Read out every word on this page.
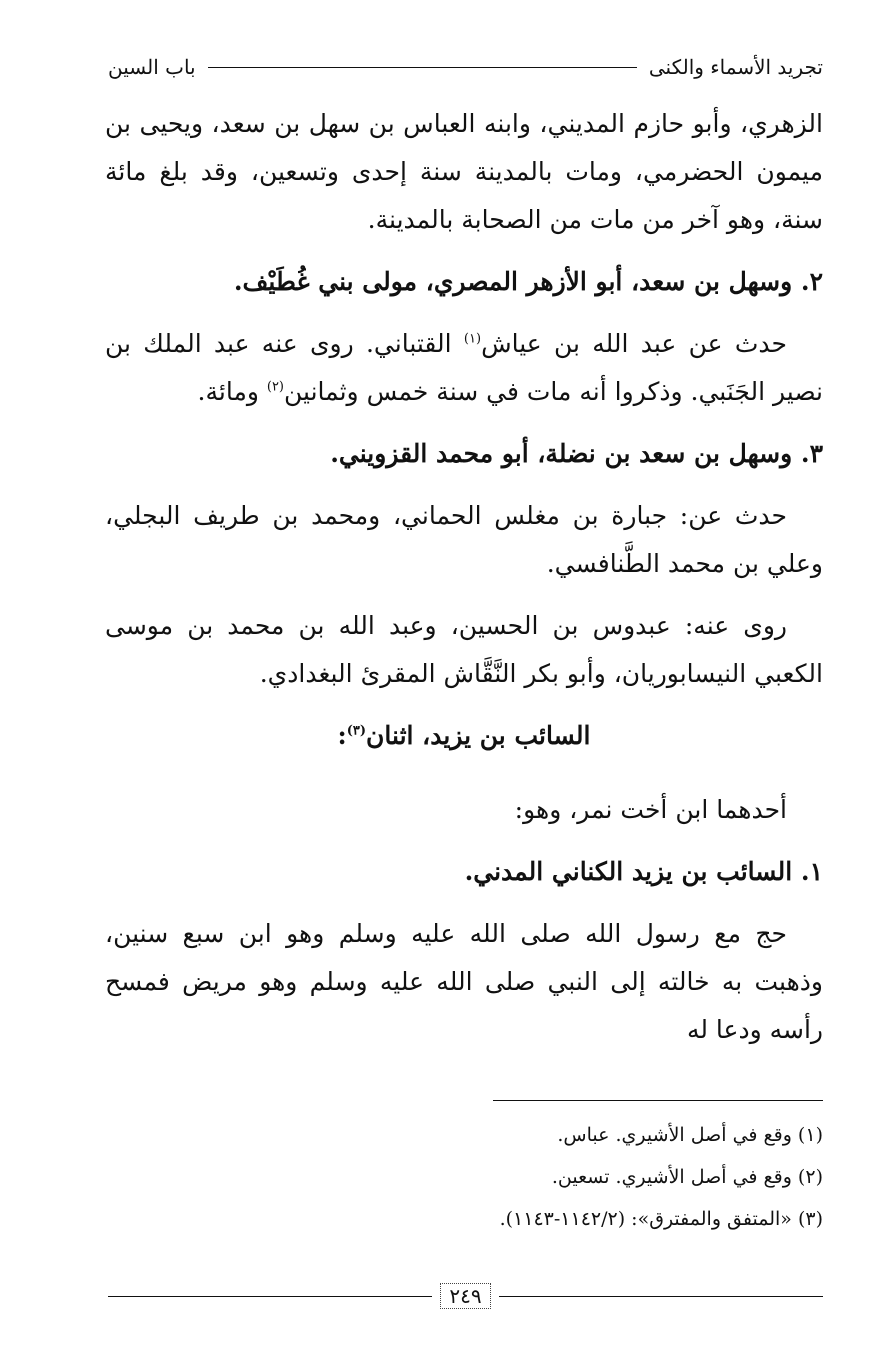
تجريد الأسماء والكنى
باب السين

الزهري، وأبو حازم المديني، وابنه العباس بن سهل بن سعد، ويحيى بن ميمون الحضرمي، ومات بالمدينة سنة إحدى وتسعين، وقد بلغ مائة سنة، وهو آخر من مات من الصحابة بالمدينة.

٢. وسهل بن سعد، أبو الأزهر المصري، مولى بني غُطَيْف.

حدث عن عبد الله بن عياش$^{(١)}$ القتباني. روى عنه عبد الملك بن نصير الجَنَبي. وذكروا أنه مات في سنة خمس وثمانين$^{(٢)}$ ومائة.

٣. وسهل بن سعد بن نضلة، أبو محمد القزويني.

حدث عن: جبارة بن مغلس الحماني، ومحمد بن طريف البجلي، وعلي بن محمد الطَّنافسي.

روى عنه: عبدوس بن الحسين، وعبد الله بن محمد بن موسى الكعبي النيسابوريان، وأبو بكر النَّقَّاش المقرئ البغدادي.

السائب بن يزيد، اثنان$^{(٣)}$:

أحدهما ابن أخت نمر، وهو:

١. السائب بن يزيد الكناني المدني.

حج مع رسول الله صلى الله عليه وسلم وهو ابن سبع سنين، وذهبت به خالته إلى النبي صلى الله عليه وسلم وهو مريض فمسح رأسه ودعا له

(١) وقع في أصل الأشيري. عباس.

(٢) وقع في أصل الأشيري. تسعين.

(٣) «المتفق والمفترق»: (١١٤٢/٢-١١٤٣).

٢٤٩
